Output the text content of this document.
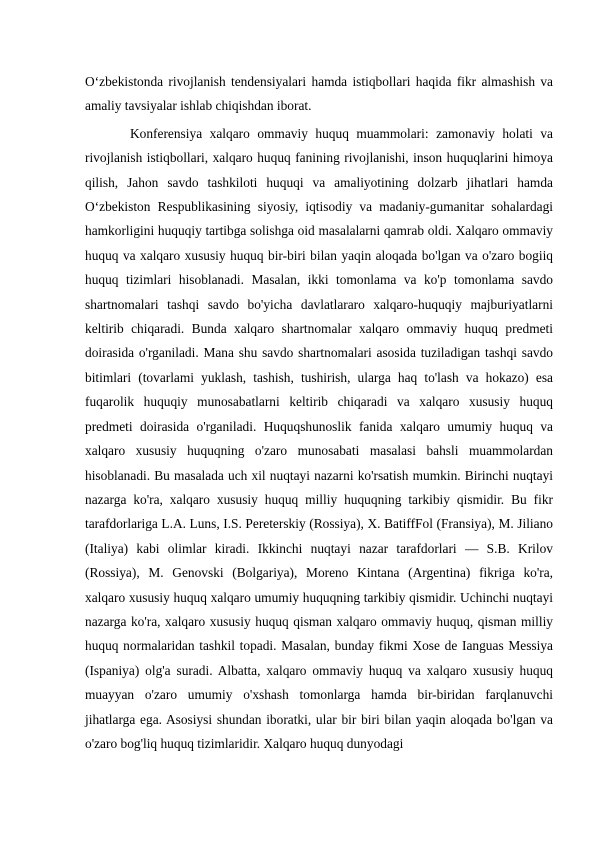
O‘zbekistonda rivojlanish tendensiyalari hamda istiqbollari haqida fikr almashish va amaliy tavsiyalar ishlab chiqishdan iborat.

Konferensiya xalqaro ommaviy huquq muammolari: zamonaviy holati va rivojlanish istiqbollari, xalqaro huquq fanining rivojlanishi, inson huquqlarini himoya qilish, Jahon savdo tashkiloti huquqi va amaliyotining dolzarb jihatlari hamda O‘zbekiston Respublikasining siyosiy, iqtisodiy va madaniy-gumanitar sohalardagi hamkorligini huquqiy tartibga solishga oid masalalarni qamrab oldi. Xalqaro ommaviy huquq va xalqaro xususiy huquq bir-biri bilan yaqin aloqada bo'lgan va o'zaro bogiiq huquq tizimlari hisoblanadi. Masalan, ikki tomonlama va ko'p tomonlama savdo shartnomalari tashqi savdo bo'yicha davlatlararo xalqaro-huquqiy majburiyatlarni keltirib chiqaradi. Bunda xalqaro shartnomalar xalqaro ommaviy huquq predmeti doirasida o'rganiladi. Mana shu savdo shartnomalari asosida tuziladigan tashqi savdo bitimlari (tovarlami yuklash, tashish, tushirish, ularga haq to'lash va hokazo) esa fuqarolik huquqiy munosabatlarni keltirib chiqaradi va xalqaro xususiy huquq predmeti doirasida o'rganiladi. Huquqshunoslik fanida xalqaro umumiy huquq va xalqaro xususiy huquqning o'zaro munosabati masalasi bahsli muammolardan hisoblanadi. Bu masalada uch xil nuqtayi nazarni ko'rsatish mumkin. Birinchi nuqtayi nazarga ko'ra, xalqaro xususiy huquq milliy huquqning tarkibiy qismidir. Bu fikr tarafdorlariga L.A. Luns, I.S. Pereterskiy (Rossiya), X. BatiffFol (Fransiya), M. Jiliano (Italiya) kabi olimlar kiradi. Ikkinchi nuqtayi nazar tarafdorlari — S.B. Krilov (Rossiya), M. Genovski (Bolgariya), Moreno Kintana (Argentina) fikriga ko'ra, xalqaro xususiy huquq xalqaro umumiy huquqning tarkibiy qismidir. Uchinchi nuqtayi nazarga ko'ra, xalqaro xususiy huquq qisman xalqaro ommaviy huquq, qisman milliy huquq normalaridan tashkil topadi. Masalan, bunday fikmi Xose de Ianguas Messiya (Ispaniya) olg'a suradi. Albatta, xalqaro ommaviy huquq va xalqaro xususiy huquq muayyan o'zaro umumiy o'xshash tomonlarga hamda bir-biridan farqlanuvchi jihatlarga ega. Asosiysi shundan iboratki, ular bir biri bilan yaqin aloqada bo'lgan va o'zaro bog'liq huquq tizimlaridir. Xalqaro huquq dunyodagi
